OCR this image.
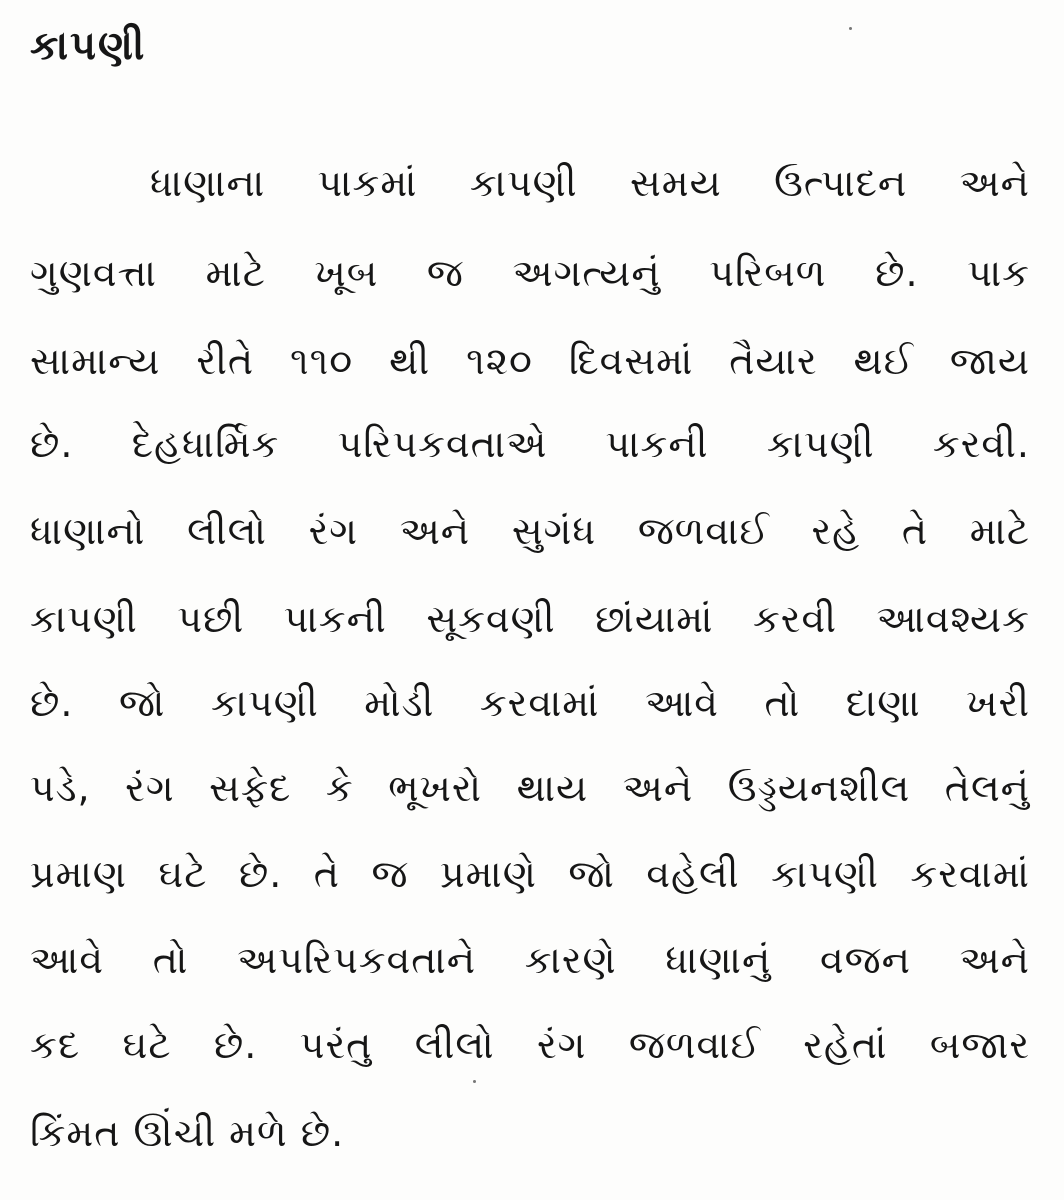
કાપણી
ધાણાના પાકમાં કાપણી સમય ઉત્પાદન અને
ગુણવત્તા માટે ખૂબ જ અગત્યનું પરિબળ છે. પાક
સામાન્ય રીતે ૧૧૦ થી ૧૨૦ દિવસમાં તૈયાર થઈ જાય
છે. દેહધાર્મિક પરિપકવતાએ પાકની કાપણી કરવી.
ધાણાનો લીલો રંગ અને સુગંધ જળવાઈ રહે તે માટે
કાપણી પછી પાકની સૂકવણી છાંયામાં કરવી આવશ્યક
છે. જો કાપણી મોડી કરવામાં આવે તો દાણા ખરી
પડે, રંગ સફેદ કે ભૂખરો થાય અને ઉડ્ડયનશીલ તેલનું
પ્રમાણ ઘટે છે. તે જ પ્રમાણે જો વહેલી કાપણી કરવામાં
આવે તો અપરિપકવતાને કારણે ધાણાનું વજન અને
કદ ઘટે છે. પરંતુ લીલો રંગ જળવાઈ રહેતાં બજાર
કિંમત ઊંચી મળે છે.
